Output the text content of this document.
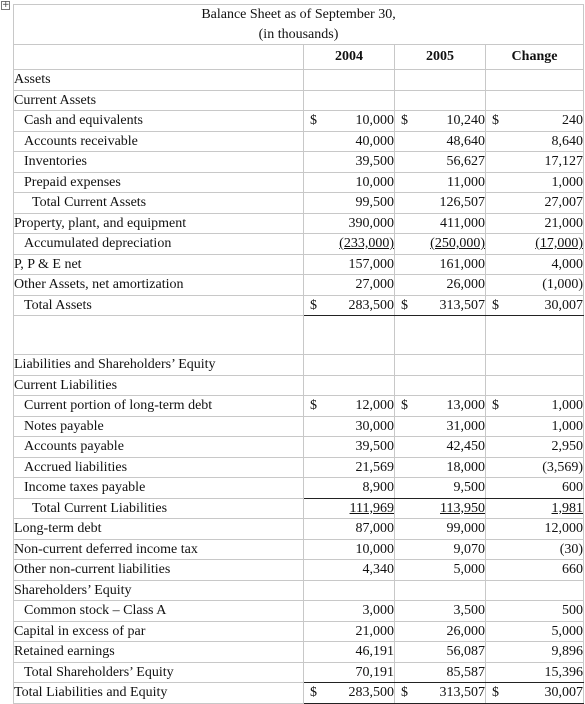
+
Balance Sheet as of September 30,
(in thousands)			

	2004	2005	Change
Assets			
Current Assets			
Cash and equivalents	$ 10,000	$ 10,240	$ 240
Accounts receivable	40,000	48,640	8,640
Inventories	39,500	56,627	17,127
Prepaid expenses	10,000	11,000	1,000
Total Current Assets	99,500	126,507	27,007
Property, plant, and equipment	390,000	411,000	21,000
Accumulated depreciation	(233,000)	(250,000)	(17,000)
P, P & E net	157,000	161,000	4,000
Other Assets, net amortization	27,000	26,000	(1,000)
Total Assets	$ 283,500	$ 313,507	$ 30,007

Liabilities and Shareholders’ Equity			
Current Liabilities			
Current portion of long-term debt	$ 12,000	$ 13,000	$ 1,000
Notes payable	30,000	31,000	1,000
Accounts payable	39,500	42,450	2,950
Accrued liabilities	21,569	18,000	(3,569)
Income taxes payable	8,900	9,500	600
Total Current Liabilities	111,969	113,950	1,981
Long-term debt	87,000	99,000	12,000
Non-current deferred income tax	10,000	9,070	(30)
Other non-current liabilities	4,340	5,000	660
Shareholders’ Equity			
Common stock – Class A	3,000	3,500	500
Capital in excess of par	21,000	26,000	5,000
Retained earnings	46,191	56,087	9,896
Total Shareholders’ Equity	70,191	85,587	15,396
Total Liabilities and Equity	$ 283,500	$ 313,507	$ 30,007
